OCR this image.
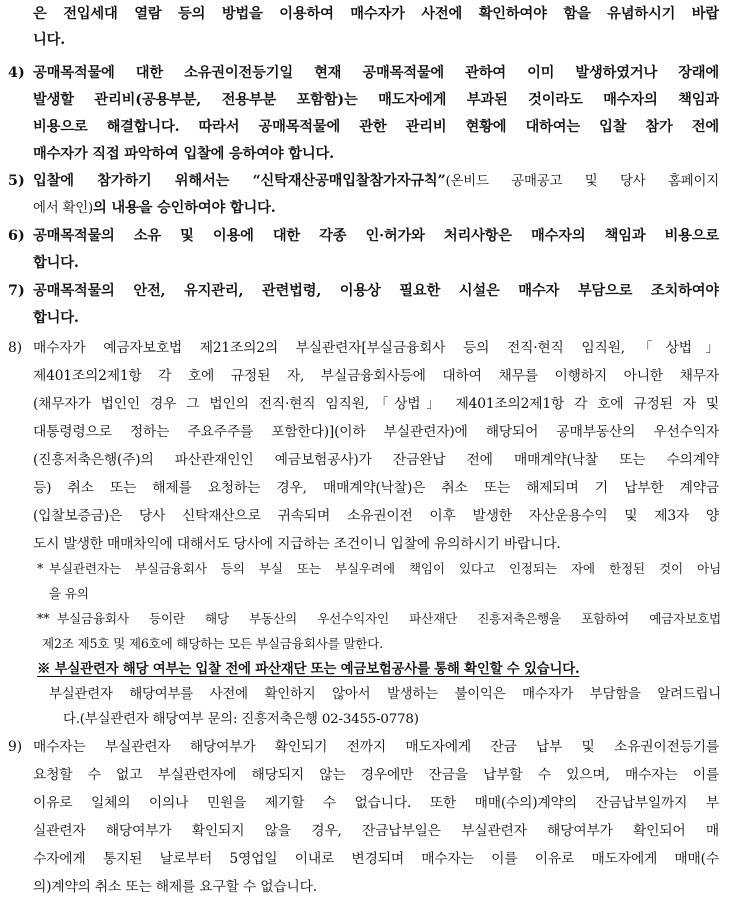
은 전입세대 열람 등의 방법을 이용하여 매수자가 사전에 확인하여야 함을 유념하시기 바랍
니다.
4) 공매목적물에 대한 소유권이전등기일 현재 공매목적물에 관하여 이미 발생하였거나 장래에
발생할 관리비(공용부분, 전용부분 포함함)는 매도자에게 부과된 것이라도 매수자의 책임과
비용으로 해결합니다. 따라서 공매목적물에 관한 관리비 현황에 대하여는 입찰 참가 전에
매수자가 직접 파악하여 입찰에 응하여야 합니다.
5) 입찰에 참가하기 위해서는 “신탁재산공매입찰참가자규칙”(온비드 공매공고 및 당사 홈페이지
에서 확인)의 내용을 승인하여야 합니다.
6) 공매목적물의 소유 및 이용에 대한 각종 인·허가와 처리사항은 매수자의 책임과 비용으로
합니다.
7) 공매목적물의 안전, 유지관리, 관련법령, 이용상 필요한 시설은 매수자 부담으로 조치하여야
합니다.
8) 매수자가 예금자보호법 제21조의2의 부실관련자[부실금융회사 등의 전직·현직 임직원,「상법」
제401조의2제1항 각 호에 규정된 자, 부실금융회사등에 대하여 채무를 이행하지 아니한 채무자
(채무자가 법인인 경우 그 법인의 전직·현직 임직원,「상법」 제401조의2제1항 각 호에 규정된 자 및
대통령령으로 정하는 주요주주를 포함한다)](이하 부실관련자)에 해당되어 공매부동산의 우선수익자
(진흥저축은행(주)의 파산관재인인 예금보험공사)가 잔금완납 전에 매매계약(낙찰 또는 수의계약
등) 취소 또는 해제를 요청하는 경우, 매매계약(낙찰)은 취소 또는 해제되며 기 납부한 계약금
(입찰보증금)은 당사 신탁재산으로 귀속되며 소유권이전 이후 발생한 자산운용수익 및 제3자 양
도시 발생한 매매차익에 대해서도 당사에 지급하는 조건이니 입찰에 유의하시기 바랍니다.
* 부실관련자는 부실금융회사 등의 부실 또는 부실우려에 책임이 있다고 인정되는 자에 한정된 것이 아님
을 유의
** 부실금융회사 등이란 해당 부동산의 우선수익자인 파산재단 진흥저축은행을 포함하여 예금자보호법
제2조 제5호 및 제6호에 해당하는 모든 부실금융회사를 말한다.
※ 부실관련자 해당 여부는 입찰 전에 파산재단 또는 예금보험공사를 통해 확인할 수 있습니다.
부실관련자 해당여부를 사전에 확인하지 않아서 발생하는 불이익은 매수자가 부담함을 알려드립니
다.(부실관련자 해당여부 문의: 진흥저축은행 02-3455-0778)
9) 매수자는 부실관련자 해당여부가 확인되기 전까지 매도자에게 잔금 납부 및 소유권이전등기를
요청할 수 없고 부실관련자에 해당되지 않는 경우에만 잔금을 납부할 수 있으며, 매수자는 이를
이유로 일체의 이의나 민원을 제기할 수 없습니다. 또한 매매(수의)계약의 잔금납부일까지 부
실관련자 해당여부가 확인되지 않을 경우, 잔금납부일은 부실관련자 해당여부가 확인되어 매
수자에게 통지된 날로부터 5영업일 이내로 변경되며 매수자는 이를 이유로 매도자에게 매매(수
의)계약의 취소 또는 해제를 요구할 수 없습니다.
